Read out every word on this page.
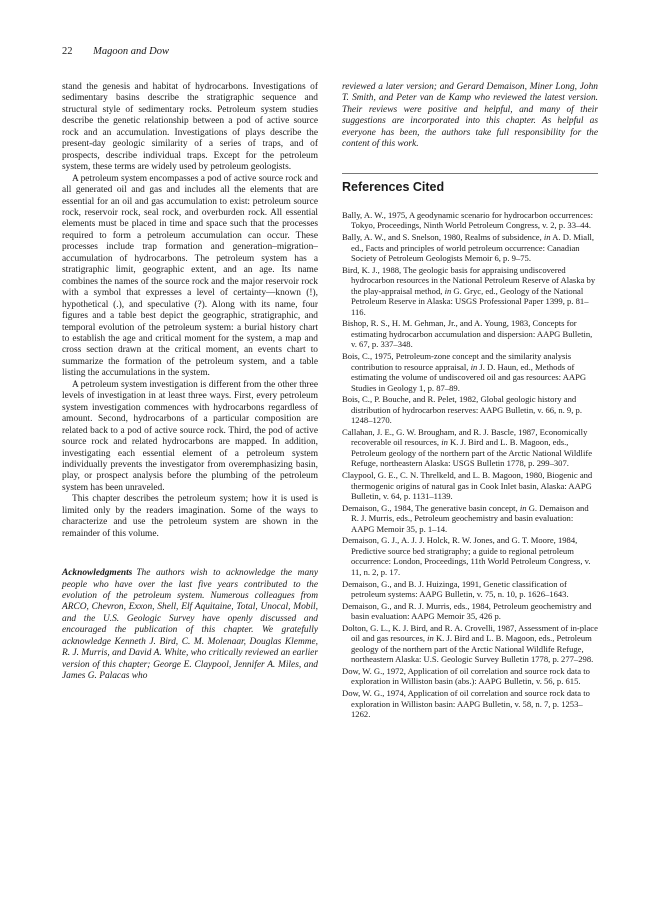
22 Magoon and Dow

stand the genesis and habitat of hydrocarbons. Investigations of sedimentary basins describe the stratigraphic sequence and structural style of sedimentary rocks. Petroleum system studies describe the genetic relationship between a pod of active source rock and an accumulation. Investigations of plays describe the present-day geologic similarity of a series of traps, and of prospects, describe individual traps. Except for the petroleum system, these terms are widely used by petroleum geologists.

A petroleum system encompasses a pod of active source rock and all generated oil and gas and includes all the elements that are essential for an oil and gas accumulation to exist: petroleum source rock, reservoir rock, seal rock, and overburden rock. All essential elements must be placed in time and space such that the processes required to form a petroleum accumulation can occur. These processes include trap formation and generation–migration–accumulation of hydrocarbons. The petroleum system has a stratigraphic limit, geographic extent, and an age. Its name combines the names of the source rock and the major reservoir rock with a symbol that expresses a level of certainty—known (!), hypothetical (.), and speculative (?). Along with its name, four figures and a table best depict the geographic, stratigraphic, and temporal evolution of the petroleum system: a burial history chart to establish the age and critical moment for the system, a map and cross section drawn at the critical moment, an events chart to summarize the formation of the petroleum system, and a table listing the accumulations in the system.

A petroleum system investigation is different from the other three levels of investigation in at least three ways. First, every petroleum system investigation commences with hydrocarbons regardless of amount. Second, hydrocarbons of a particular composition are related back to a pod of active source rock. Third, the pod of active source rock and related hydrocarbons are mapped. In addition, investigating each essential element of a petroleum system individually prevents the investigator from overemphasizing basin, play, or prospect analysis before the plumbing of the petroleum system has been unraveled.

This chapter describes the petroleum system; how it is used is limited only by the readers imagination. Some of the ways to characterize and use the petroleum system are shown in the remainder of this volume.

Acknowledgments The authors wish to acknowledge the many people who have over the last five years contributed to the evolution of the petroleum system. Numerous colleagues from ARCO, Chevron, Exxon, Shell, Elf Aquitaine, Total, Unocal, Mobil, and the U.S. Geologic Survey have openly discussed and encouraged the publication of this chapter. We gratefully acknowledge Kenneth J. Bird, C. M. Molenaar, Douglas Klemme, R. J. Murris, and David A. White, who critically reviewed an earlier version of this chapter; George E. Claypool, Jennifer A. Miles, and James G. Palacas who

reviewed a later version; and Gerard Demaison, Miner Long, John T. Smith, and Peter van de Kamp who reviewed the latest version. Their reviews were positive and helpful, and many of their suggestions are incorporated into this chapter. As helpful as everyone has been, the authors take full responsibility for the content of this work.

References Cited

Bally, A. W., 1975, A geodynamic scenario for hydrocarbon occurrences: Tokyo, Proceedings, Ninth World Petroleum Congress, v. 2, p. 33–44.

Bally, A. W., and S. Snelson, 1980, Realms of subsidence, in A. D. Miall, ed., Facts and principles of world petroleum occurrence: Canadian Society of Petroleum Geologists Memoir 6, p. 9–75.

Bird, K. J., 1988, The geologic basis for appraising undiscovered hydrocarbon resources in the National Petroleum Reserve of Alaska by the play-appraisal method, in G. Gryc, ed., Geology of the National Petroleum Reserve in Alaska: USGS Professional Paper 1399, p. 81–116.

Bishop, R. S., H. M. Gehman, Jr., and A. Young, 1983, Concepts for estimating hydrocarbon accumulation and dispersion: AAPG Bulletin, v. 67, p. 337–348.

Bois, C., 1975, Petroleum-zone concept and the similarity analysis contribution to resource appraisal, in J. D. Haun, ed., Methods of estimating the volume of undiscovered oil and gas resources: AAPG Studies in Geology 1, p. 87–89.

Bois, C., P. Bouche, and R. Pelet, 1982, Global geologic history and distribution of hydrocarbon reserves: AAPG Bulletin, v. 66, n. 9, p. 1248–1270.

Callahan, J. E., G. W. Brougham, and R. J. Bascle, 1987, Economically recoverable oil resources, in K. J. Bird and L. B. Magoon, eds., Petroleum geology of the northern part of the Arctic National Wildlife Refuge, northeastern Alaska: USGS Bulletin 1778, p. 299–307.

Claypool, G. E., C. N. Threlkeld, and L. B. Magoon, 1980, Biogenic and thermogenic origins of natural gas in Cook Inlet basin, Alaska: AAPG Bulletin, v. 64, p. 1131–1139.

Demaison, G., 1984, The generative basin concept, in G. Demaison and R. J. Murris, eds., Petroleum geochemistry and basin evaluation: AAPG Memoir 35, p. 1–14.

Demaison, G. J., A. J. J. Holck, R. W. Jones, and G. T. Moore, 1984, Predictive source bed stratigraphy; a guide to regional petroleum occurrence: London, Proceedings, 11th World Petroleum Congress, v. 11, n. 2, p. 17.

Demaison, G., and B. J. Huizinga, 1991, Genetic classification of petroleum systems: AAPG Bulletin, v. 75, n. 10, p. 1626–1643.

Demaison, G., and R. J. Murris, eds., 1984, Petroleum geochemistry and basin evaluation: AAPG Memoir 35, 426 p.

Dolton, G. L., K. J. Bird, and R. A. Crovelli, 1987, Assessment of in-place oil and gas resources, in K. J. Bird and L. B. Magoon, eds., Petroleum geology of the northern part of the Arctic National Wildlife Refuge, northeastern Alaska: U.S. Geologic Survey Bulletin 1778, p. 277–298.

Dow, W. G., 1972, Application of oil correlation and source rock data to exploration in Williston basin (abs.): AAPG Bulletin, v. 56, p. 615.

Dow, W. G., 1974, Application of oil correlation and source rock data to exploration in Williston basin: AAPG Bulletin, v. 58, n. 7, p. 1253–1262.
